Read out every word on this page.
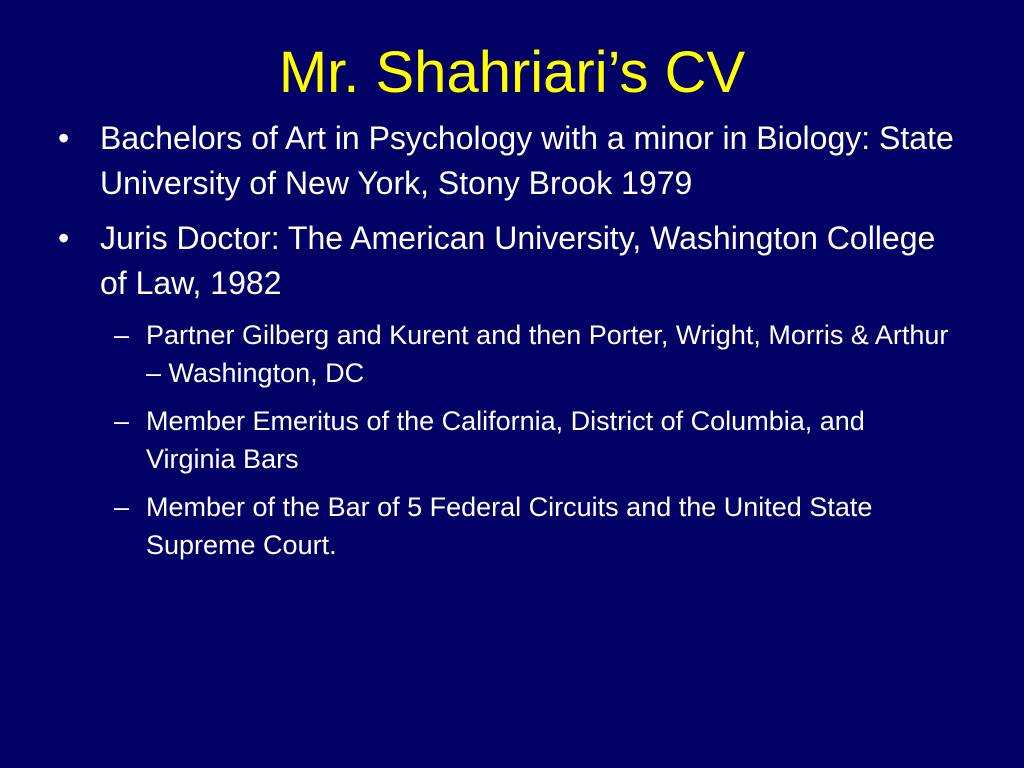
Mr. Shahriari’s CV
• Bachelors of Art in Psychology with a minor in Biology: State University of New York, Stony Brook 1979
• Juris Doctor: The American University, Washington College of Law, 1982
– Partner Gilberg and Kurent and then Porter, Wright, Morris & Arthur – Washington, DC
– Member Emeritus of the California, District of Columbia, and Virginia Bars
– Member of the Bar of 5 Federal Circuits and the United State Supreme Court.
